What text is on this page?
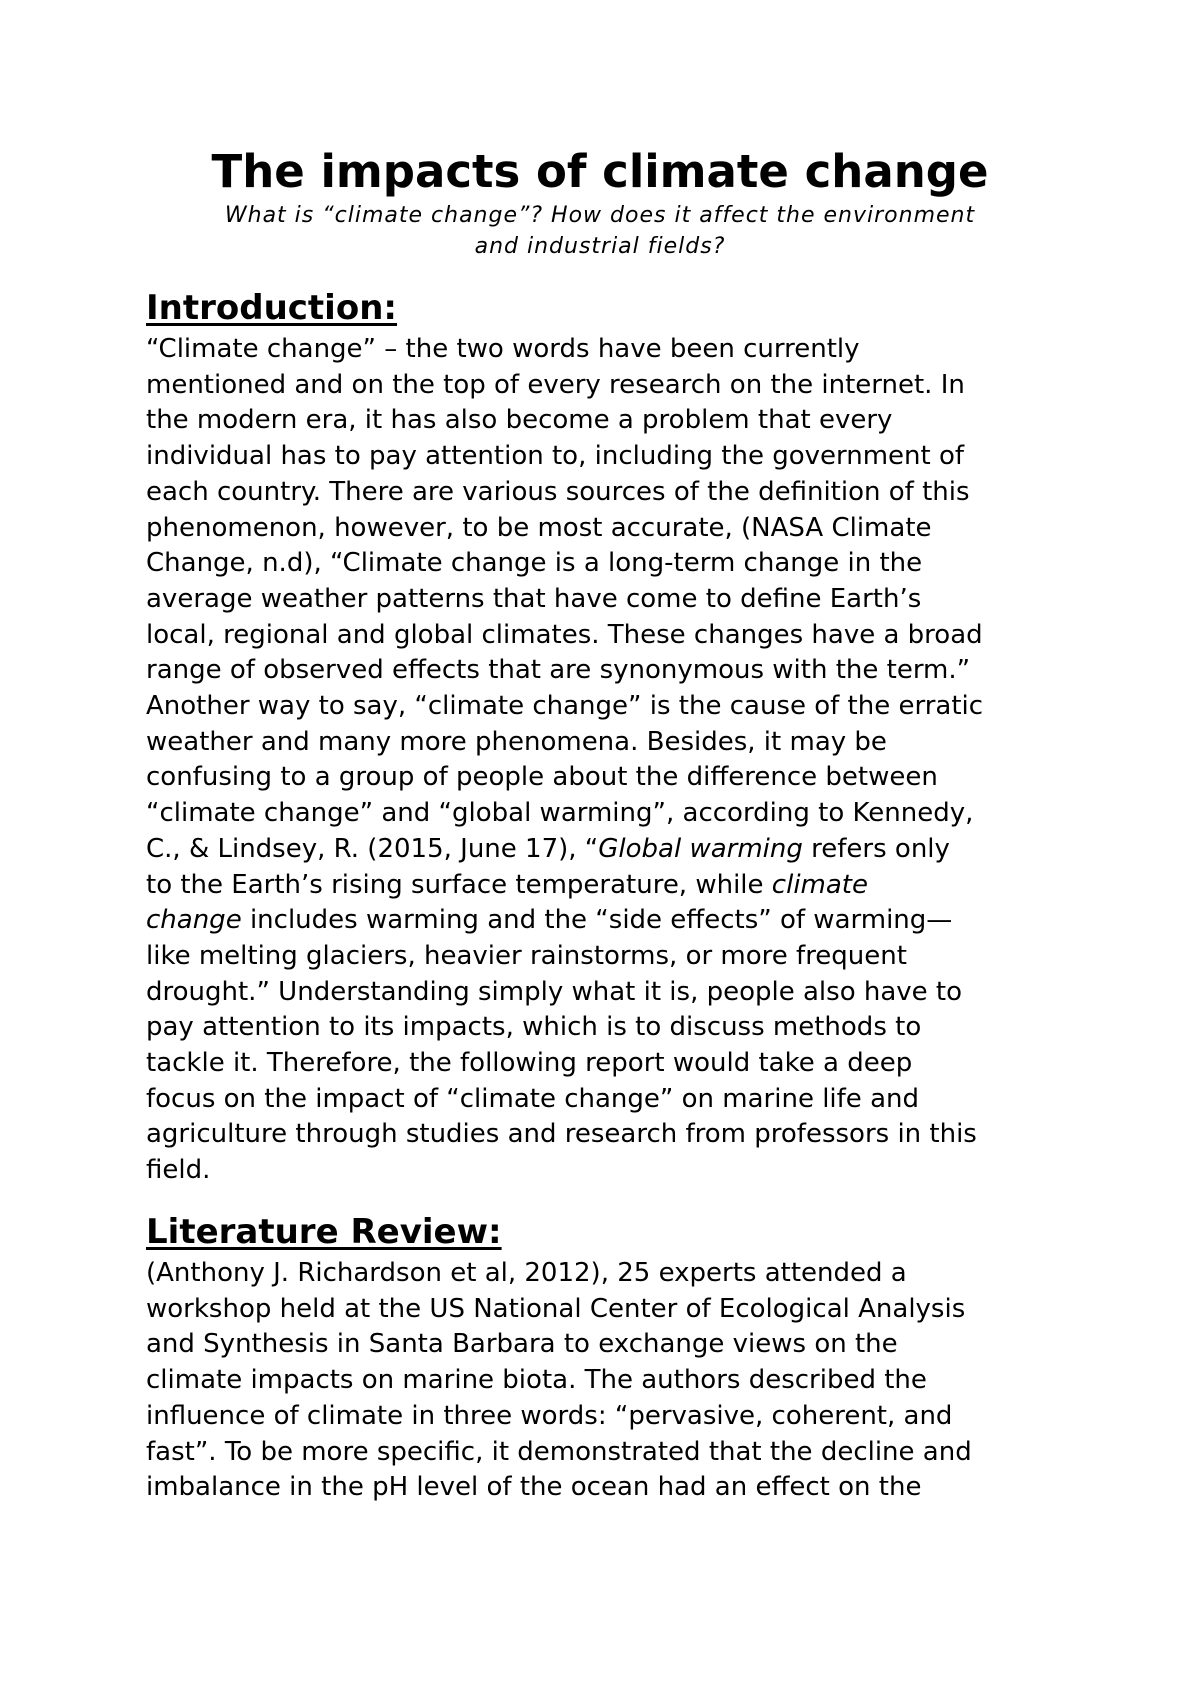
The impacts of climate change

What is “climate change”? How does it affect the environment
and industrial fields?

Introduction:
“Climate change” – the two words have been currently
mentioned and on the top of every research on the internet. In
the modern era, it has also become a problem that every
individual has to pay attention to, including the government of
each country. There are various sources of the definition of this
phenomenon, however, to be most accurate, (NASA Climate
Change, n.d), “Climate change is a long-term change in the
average weather patterns that have come to define Earth’s
local, regional and global climates. These changes have a broad
range of observed effects that are synonymous with the term.”
Another way to say, “climate change” is the cause of the erratic
weather and many more phenomena. Besides, it may be
confusing to a group of people about the difference between
“climate change” and “global warming”, according to Kennedy,
C., & Lindsey, R. (2015, June 17), “Global warming refers only
to the Earth’s rising surface temperature, while climate
change includes warming and the “side effects” of warming—
like melting glaciers, heavier rainstorms, or more frequent
drought.” Understanding simply what it is, people also have to
pay attention to its impacts, which is to discuss methods to
tackle it. Therefore, the following report would take a deep
focus on the impact of “climate change” on marine life and
agriculture through studies and research from professors in this
field.
Literature Review:
(Anthony J. Richardson et al, 2012), 25 experts attended a
workshop held at the US National Center of Ecological Analysis
and Synthesis in Santa Barbara to exchange views on the
climate impacts on marine biota. The authors described the
influence of climate in three words: “pervasive, coherent, and
fast”. To be more specific, it demonstrated that the decline and
imbalance in the pH level of the ocean had an effect on the
